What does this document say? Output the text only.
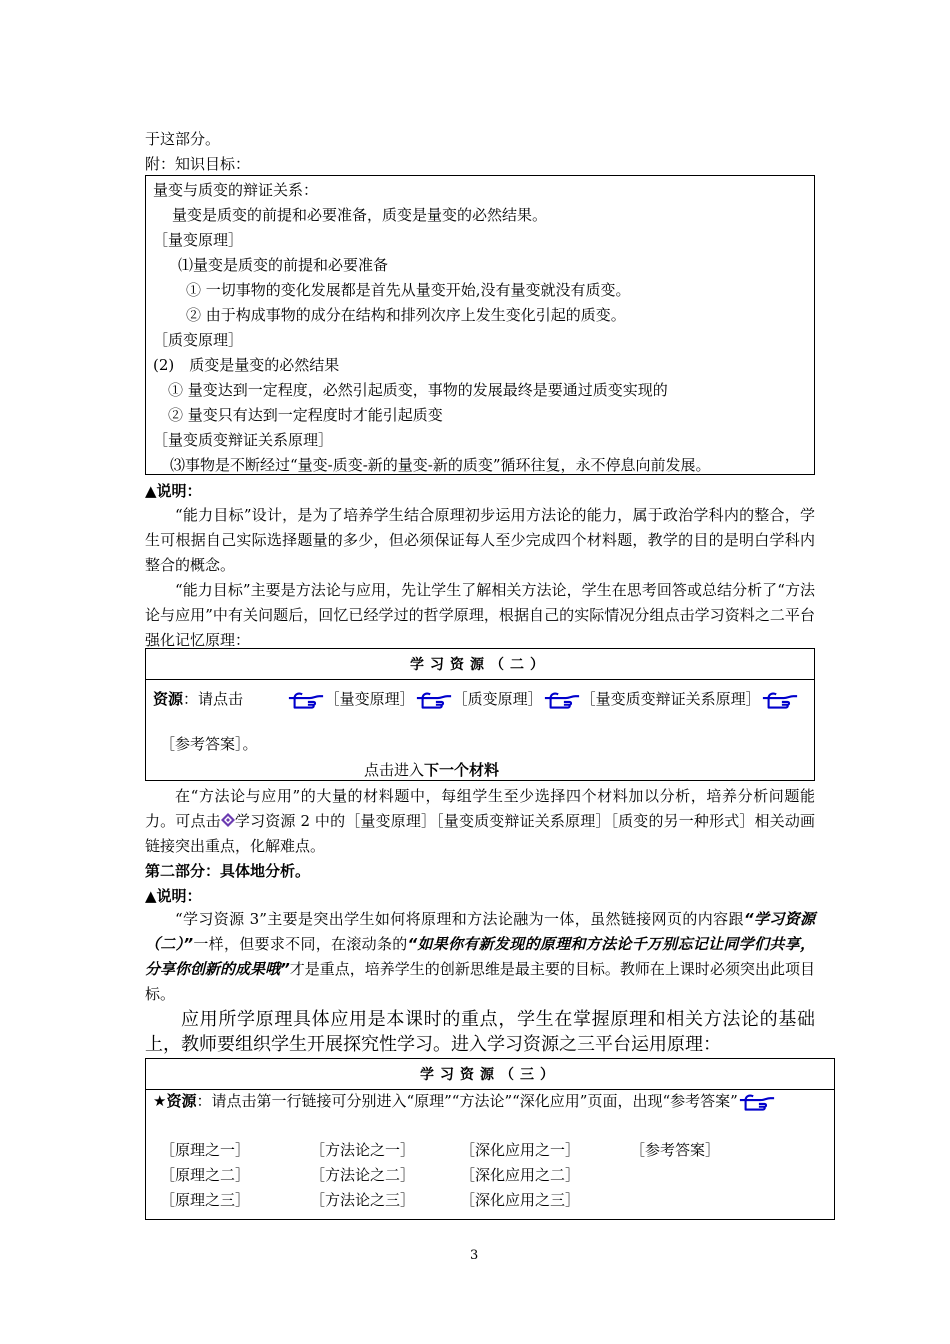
于这部分。
附：知识目标：
量变与质变的辩证关系：
量变是质变的前提和必要准备，质变是量变的必然结果。
［量变原理］
⑴量变是质变的前提和必要准备
① 一切事物的变化发展都是首先从量变开始,没有量变就没有质变。
② 由于构成事物的成分在结构和排列次序上发生变化引起的质变。
［质变原理］
(2)　质变是量变的必然结果
① 量变达到一定程度，必然引起质变，事物的发展最终是要通过质变实现的
② 量变只有达到一定程度时才能引起质变
［量变质变辩证关系原理］
⑶事物是不断经过“量变-质变-新的量变-新的质变”循环往复，永不停息向前发展。
▲说明：
“能力目标”设计，是为了培养学生结合原理初步运用方法论的能力，属于政治学科内的整合，学生可根据自己实际选择题量的多少，但必须保证每人至少完成四个材料题，教学的目的是明白学科内整合的概念。
“能力目标”主要是方法论与应用，先让学生了解相关方法论，学生在思考回答或总结分析了“方法论与应用”中有关问题后，回忆已经学过的哲学原理，根据自己的实际情况分组点击学习资料之二平台强化记忆原理：
学习资源（二）
资源：请点击	［量变原理］	［质变原理］	［量变质变辩证关系原理］
［参考答案］。
点击进入下一个材料
在“方法论与应用”的大量的材料题中，每组学生至少选择四个材料加以分析，培养分析问题能力。可点击 学习资源 2 中的［量变原理］［量变质变辩证关系原理］［质变的另一种形式］相关动画链接突出重点，化解难点。
第二部分：具体地分析。
▲说明：
“学习资源 3”主要是突出学生如何将原理和方法论融为一体，虽然链接网页的内容跟“学习资源（二）”一样，但要求不同，在滚动条的“如果你有新发现的原理和方法论千万别忘记让同学们共享，分享你创新的成果哦”才是重点，培养学生的创新思维是最主要的目标。教师在上课时必须突出此项目标。
应用所学原理具体应用是本课时的重点，学生在掌握原理和相关方法论的基础上，教师要组织学生开展探究性学习。进入学习资源之三平台运用原理：
学习资源（三）
★资源：请点击第一行链接可分别进入“原理”“方法论”“深化应用”页面，出现“参考答案”
［原理之一］	［方法论之一］	［深化应用之一］	［参考答案］
［原理之二］	［方法论之二］	［深化应用之二］
［原理之三］	［方法论之三］	［深化应用之三］
3
